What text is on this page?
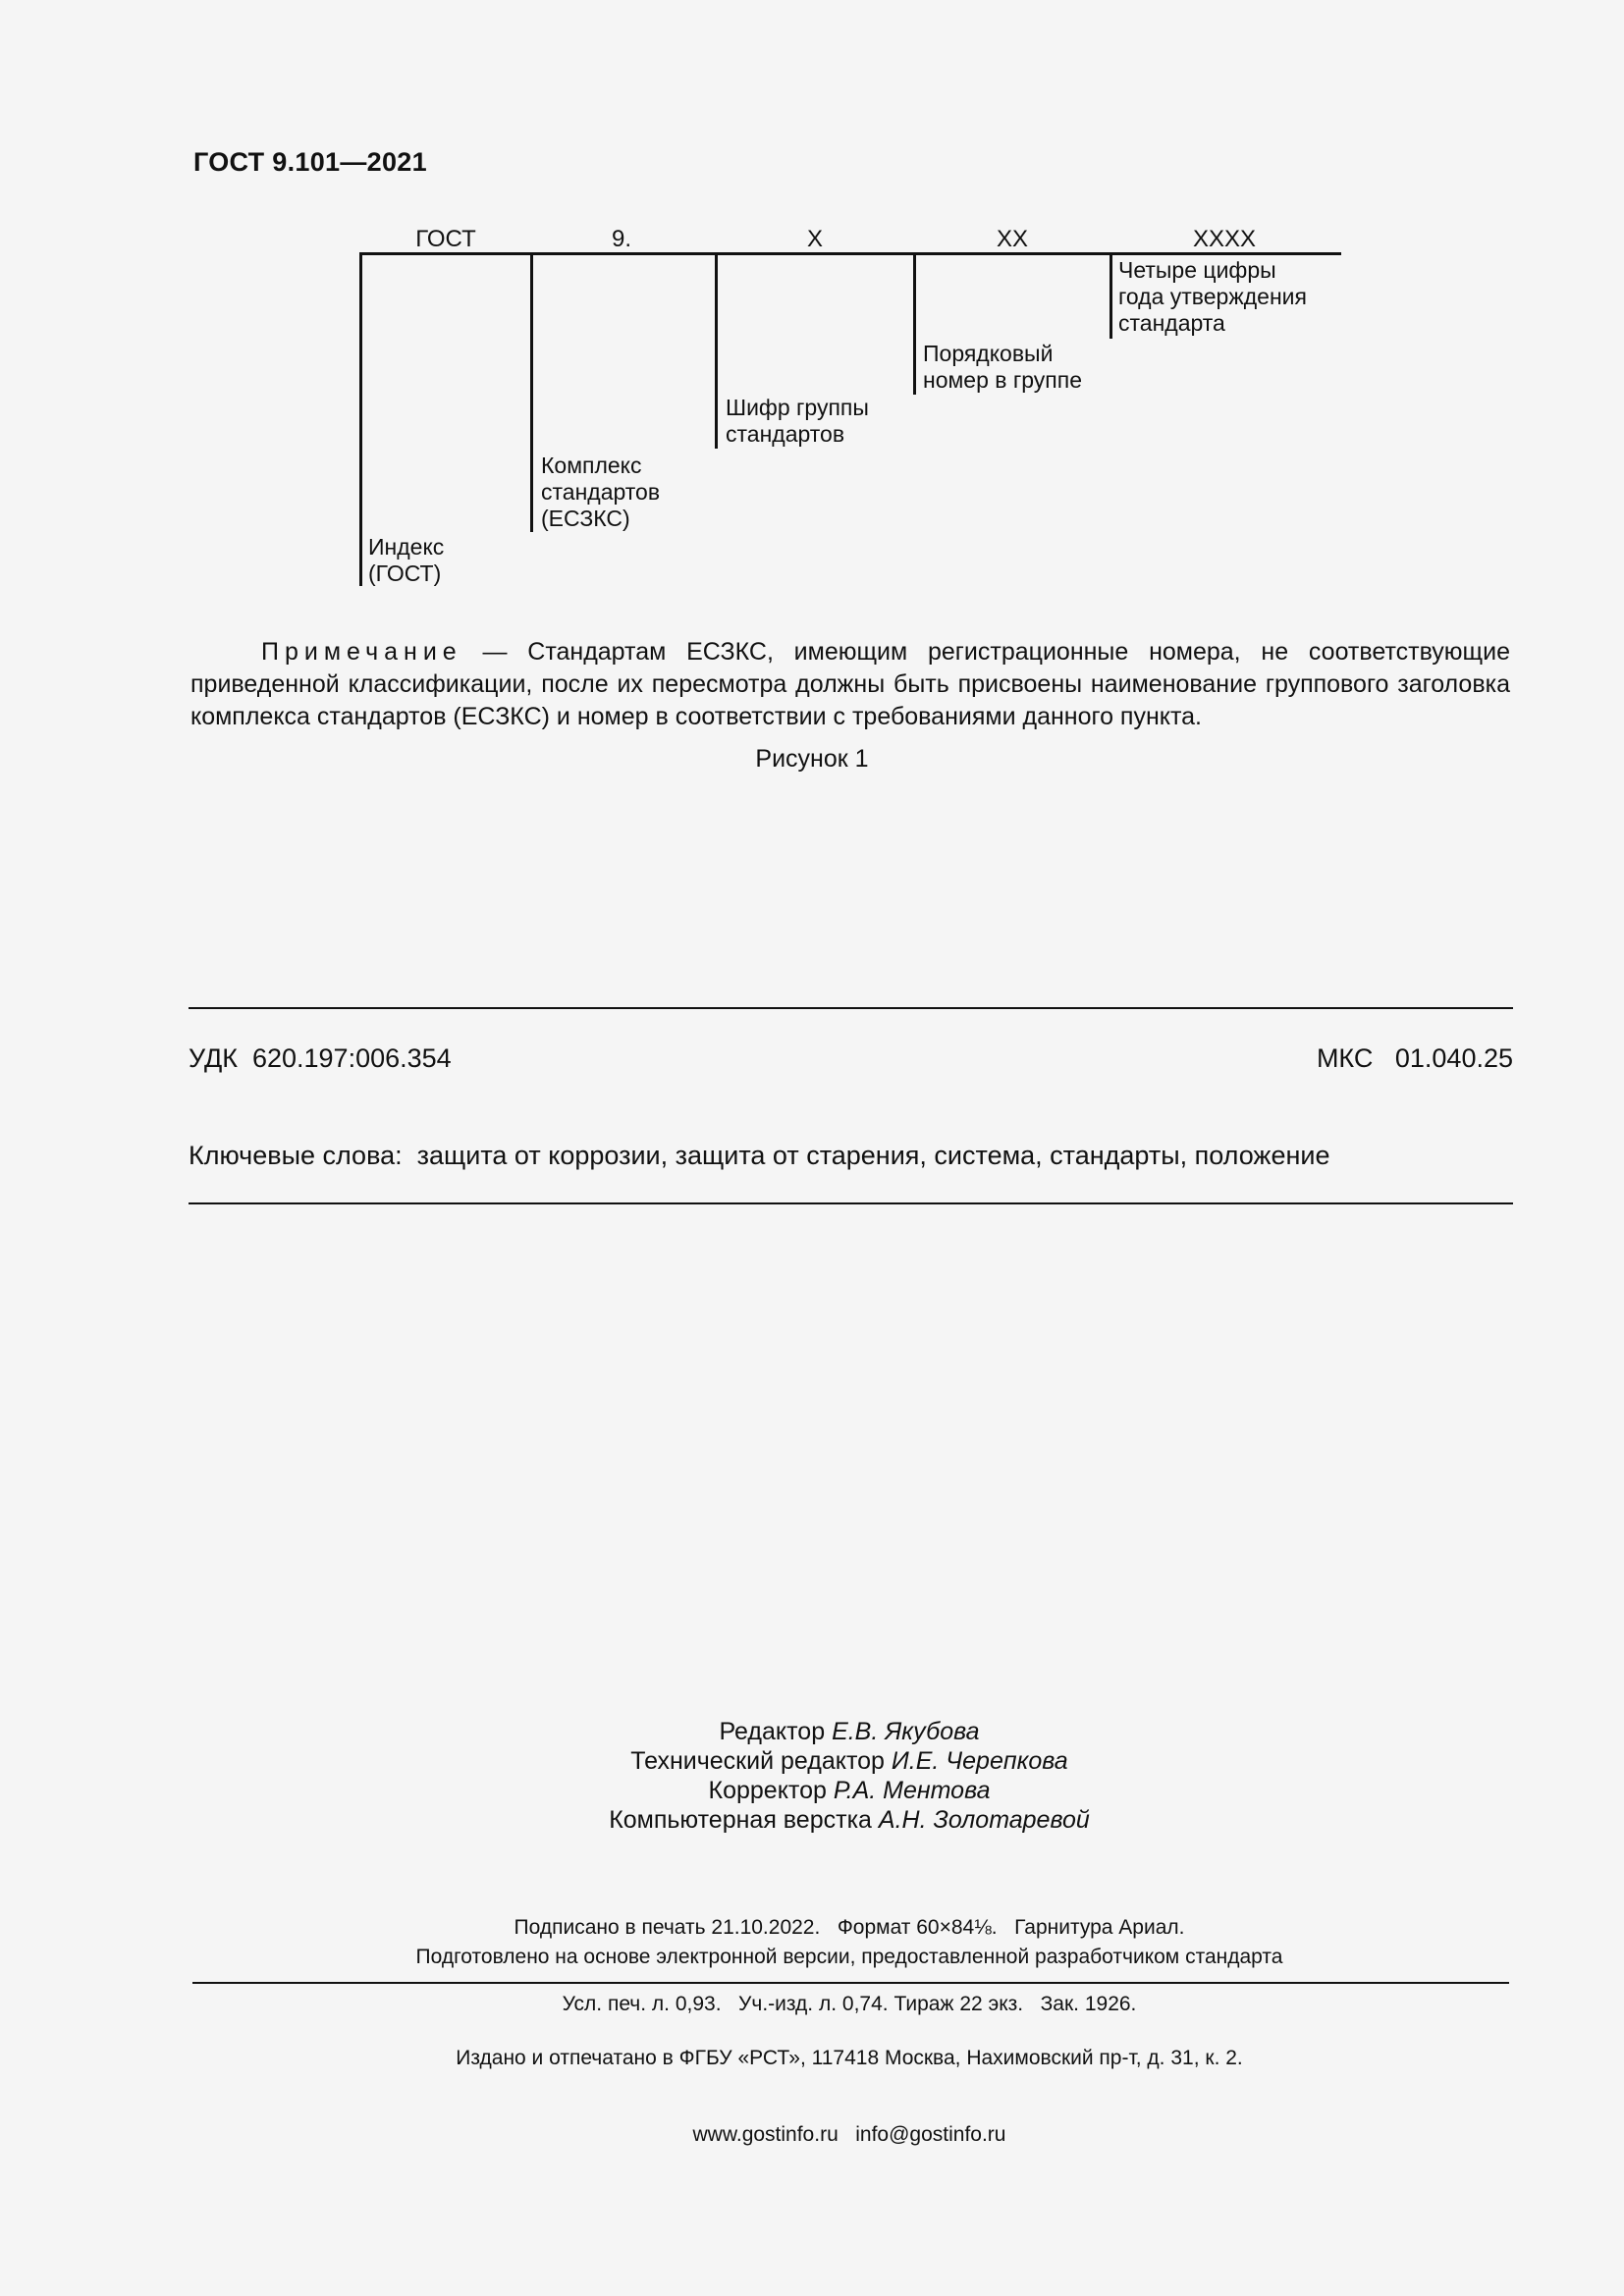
ГОСТ 9.101—2021
ГОСТ	9.	X	XX	XXXX
Индекс
(ГОСТ)
Комплекс
стандартов
(ЕСЗКС)
Шифр группы
стандартов
Порядковый
номер в группе
Четыре цифры
года утверждения
стандарта
Примечание — Стандартам ЕСЗКС, имеющим регистрационные номера, не соответствующие приведенной классификации, после их пересмотра должны быть присвоены наименование группового заголовка комплекса стандартов (ЕСЗКС) и номер в соответствии с требованиями данного пункта.
Рисунок 1
УДК 620.197:006.354	МКС 01.040.25
Ключевые слова: защита от коррозии, защита от старения, система, стандарты, положение
Редактор Е.В. Якубова
Технический редактор И.Е. Черепкова
Корректор Р.А. Ментова
Компьютерная верстка А.Н. Золотаревой

Подписано в печать 21.10.2022.   Формат 60×84⅛.   Гарнитура Ариал.

Усл. печ. л. 0,93.   Уч.-изд. л. 0,74. Тираж 22 экз.   Зак. 1926.

Подготовлено на основе электронной версии, предоставленной разработчиком стандарта

Издано и отпечатано в ФГБУ «РСТ», 117418 Москва, Нахимовский пр-т, д. 31, к. 2.

www.gostinfo.ru   info@gostinfo.ru
